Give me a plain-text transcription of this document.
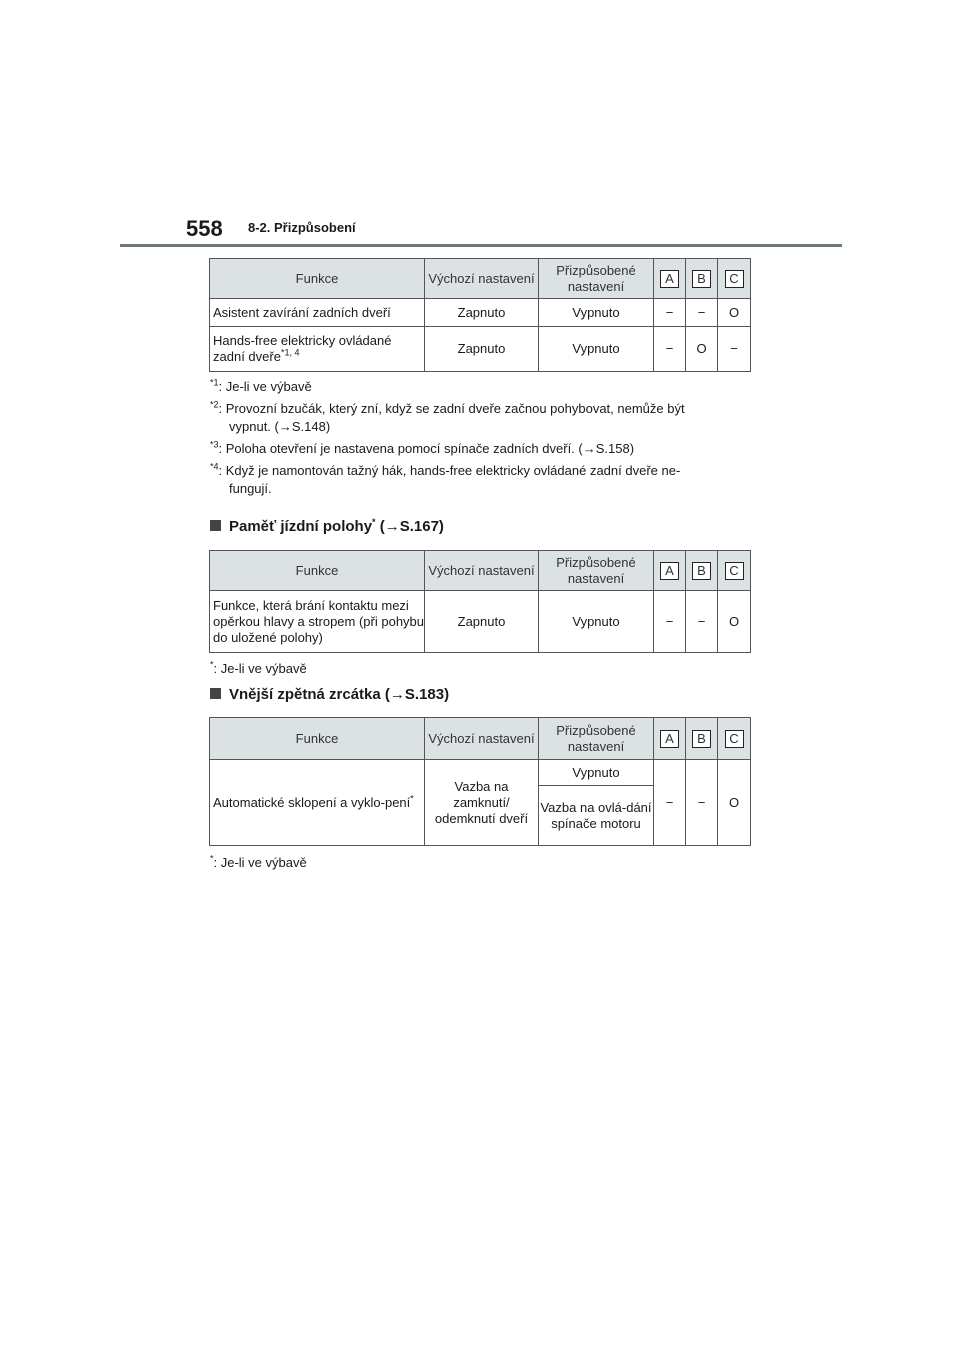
558 8-2. Přizpůsobení
Funkce	Výchozí nastavení	Přizpůsobené nastavení	A	B	C
Asistent zavírání zadních dveří	Zapnuto	Vypnuto	−	−	O
Hands-free elektricky ovládané zadní dveře$^{*1, 4}$	Zapnuto	Vypnuto	−	O	−
$^{*1}$: Je-li ve výbavě
$^{*2}$: Provozní bzučák, který zní, když se zadní dveře začnou pohybovat, nemůže být
vypnut. (→S.148)
$^{*3}$: Poloha otevření je nastavena pomocí spínače zadních dveří. (→S.158)
$^{*4}$: Když je namontován tažný hák, hands-free elektricky ovládané zadní dveře ne-
fungují.
Paměť jízdní polohy* (→S.167)
Funkce	Výchozí nastavení	Přizpůsobené nastavení	A	B	C
Funkce, která brání kontaktu mezi opěrkou hlavy a stropem (při pohybu do uložené polohy)	Zapnuto	Vypnuto	−	−	O
*: Je-li ve výbavě
Vnější zpětná zrcátka (→S.183)
Funkce	Výchozí nastavení	Přizpůsobené nastavení	A	B	C
Automatické sklopení a vyklo-pení*	Vazba na zamknutí/ odemknutí dveří	Vypnuto	−	−	O
		Vazba na ovlá-dání spínače motoru			
*: Je-li ve výbavě
